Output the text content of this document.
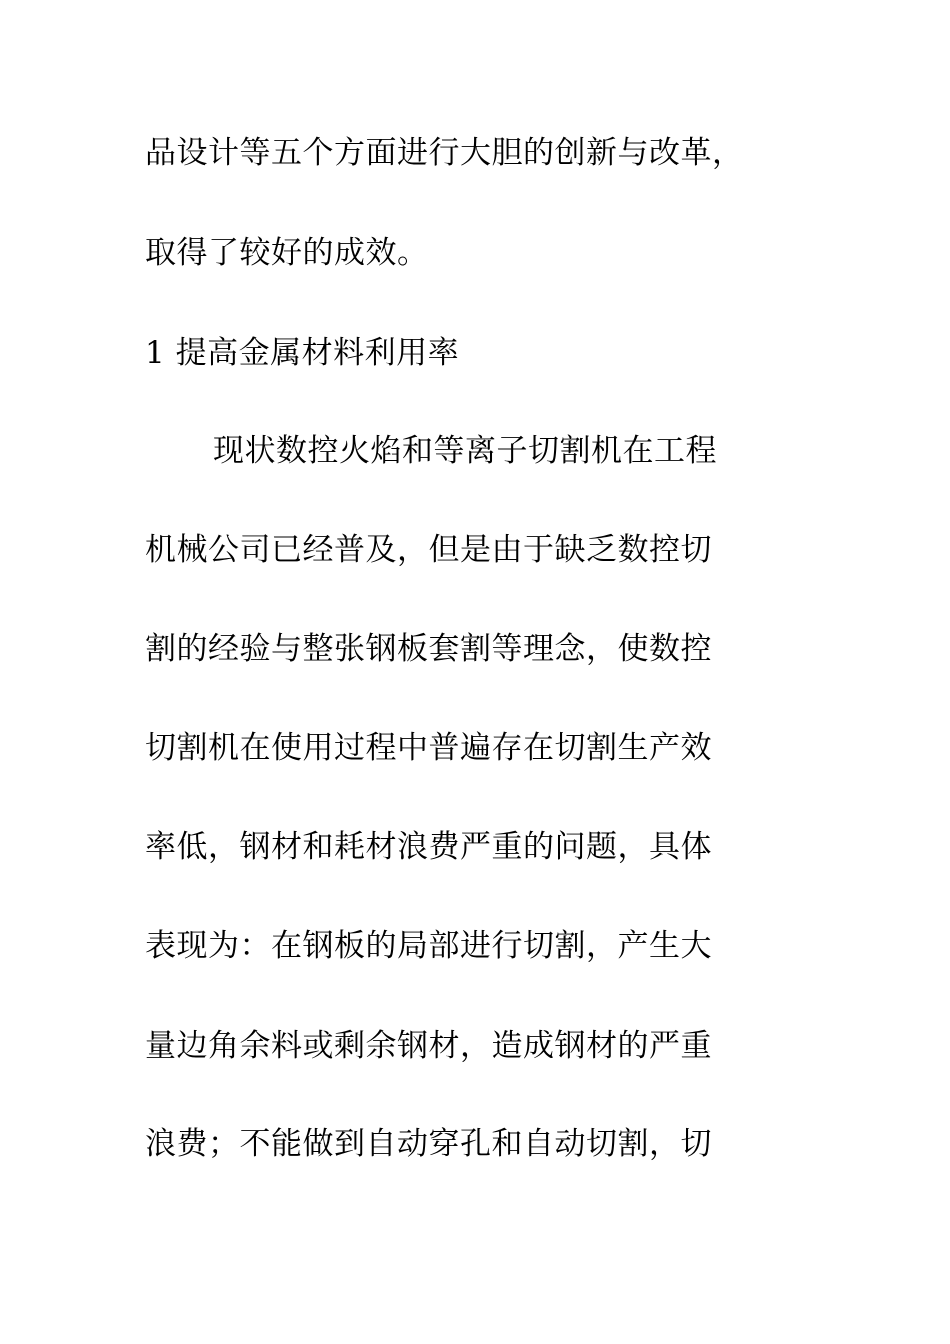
品设计等五个方面进行大胆的创新与改革，
取得了较好的成效。
1 提高金属材料利用率
现状数控火焰和等离子切割机在工程
机械公司已经普及，但是由于缺乏数控切
割的经验与整张钢板套割等理念，使数控
切割机在使用过程中普遍存在切割生产效
率低，钢材和耗材浪费严重的问题，具体
表现为：在钢板的局部进行切割，产生大
量边角余料或剩余钢材，造成钢材的严重
浪费；不能做到自动穿孔和自动切割，切
